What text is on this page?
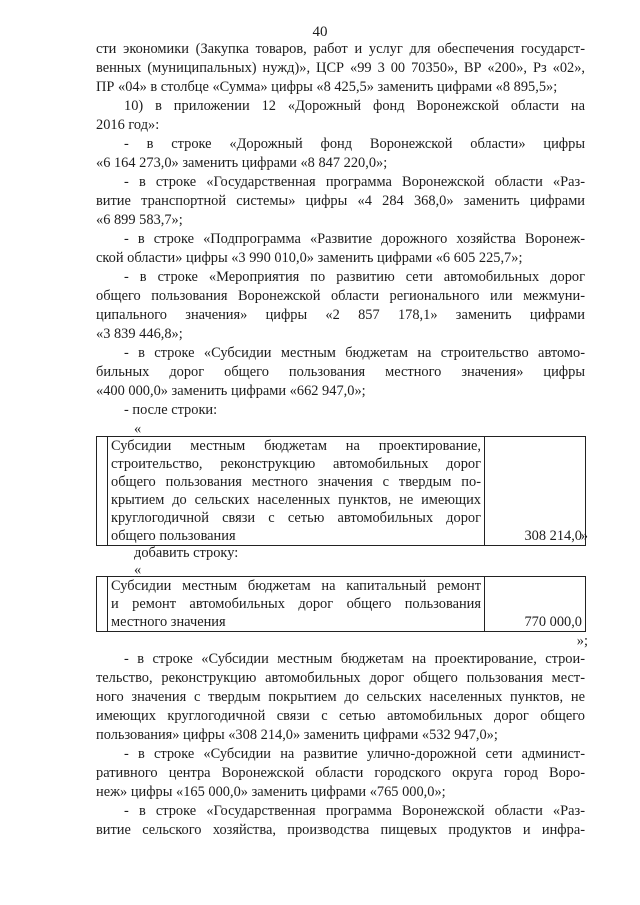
40
сти экономики (Закупка товаров, работ и услуг для обеспечения государст-
венных (муниципальных) нужд)», ЦСР «99 3 00 70350», ВР «200», Рз «02»,
ПР «04» в столбце «Сумма» цифры «8 425,5» заменить цифрами «8 895,5»;
10) в приложении 12 «Дорожный фонд Воронежской области на
2016 год»:
- в строке «Дорожный фонд Воронежской области» цифры
«6 164 273,0» заменить цифрами «8 847 220,0»;
- в строке «Государственная программа Воронежской области «Раз-
витие транспортной системы» цифры «4 284 368,0» заменить цифрами
«6 899 583,7»;
- в строке «Подпрограмма «Развитие дорожного хозяйства Воронеж-
ской области» цифры «3 990 010,0» заменить цифрами «6 605 225,7»;
- в строке «Мероприятия по развитию сети автомобильных дорог
общего пользования Воронежской области регионального или межмуни-
ципального значения» цифры «2 857 178,1» заменить цифрами
«3 839 446,8»;
- в строке «Субсидии местным бюджетам на строительство автомо-
бильных дорог общего пользования местного значения» цифры
«400 000,0» заменить цифрами «662 947,0»;
- после строки:
«

Субсидии местным бюджетам на проектирование,
строительство, реконструкцию автомобильных дорог
общего пользования местного значения с твердым по-
крытием до сельских населенных пунктов, не имеющих
круглогодичной связи с сетью автомобильных дорог
общего пользования	308 214,0
»
добавить строку:
«

Субсидии местным бюджетам на капитальный ремонт
и ремонт автомобильных дорог общего пользования
местного значения	770 000,0
»;
- в строке «Субсидии местным бюджетам на проектирование, строи-
тельство, реконструкцию автомобильных дорог общего пользования мест-
ного значения с твердым покрытием до сельских населенных пунктов, не
имеющих круглогодичной связи с сетью автомобильных дорог общего
пользования» цифры «308 214,0» заменить цифрами «532 947,0»;
- в строке «Субсидии на развитие улично-дорожной сети админист-
ративного центра Воронежской области городского округа город Воро-
неж» цифры «165 000,0» заменить цифрами «765 000,0»;
- в строке «Государственная программа Воронежской области «Раз-
витие сельского хозяйства, производства пищевых продуктов и инфра-
